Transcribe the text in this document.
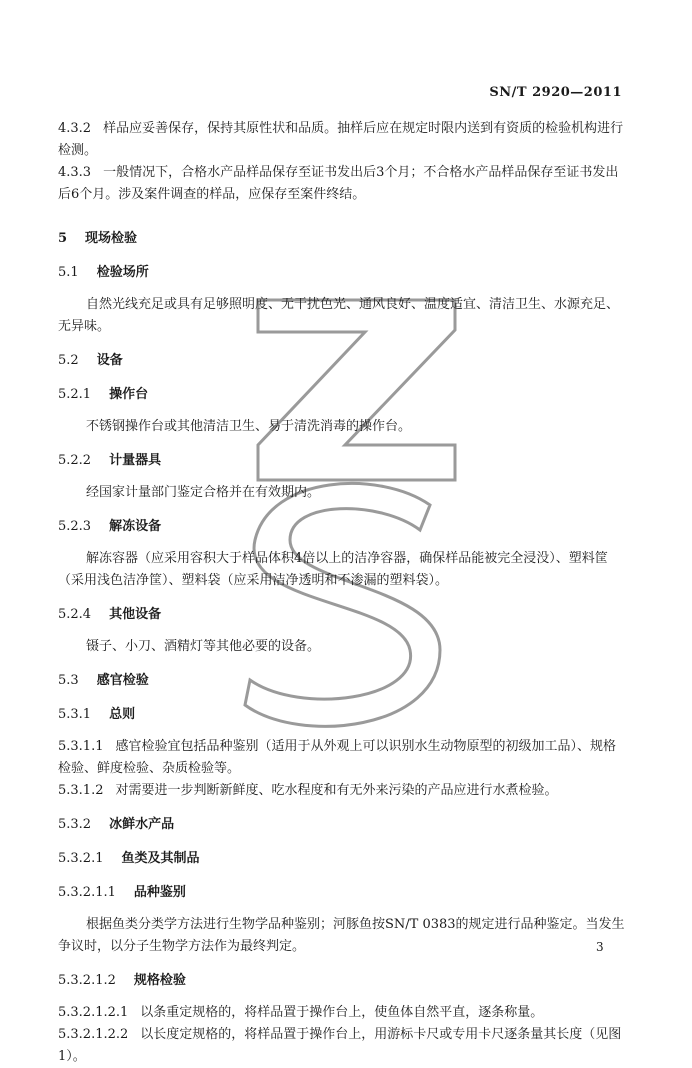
SN/T 2920—2011

4.3.2 样品应妥善保存，保持其原性状和品质。抽样后应在规定时限内送到有资质的检验机构进行检测。

4.3.3 一般情况下，合格水产品样品保存至证书发出后3个月；不合格水产品样品保存至证书发出后6个月。涉及案件调查的样品，应保存至案件终结。

5 现场检验

5.1 检验场所

自然光线充足或具有足够照明度、无干扰色光、通风良好、温度适宜、清洁卫生、水源充足、无异味。

5.2 设备

5.2.1 操作台

不锈钢操作台或其他清洁卫生、易于清洗消毒的操作台。

5.2.2 计量器具

经国家计量部门鉴定合格并在有效期内。

5.2.3 解冻设备

解冻容器（应采用容积大于样品体积4倍以上的洁净容器，确保样品能被完全浸没）、塑料筐（采用浅色洁净筐）、塑料袋（应采用洁净透明和不渗漏的塑料袋）。

5.2.4 其他设备

镊子、小刀、酒精灯等其他必要的设备。

5.3 感官检验

5.3.1 总则

5.3.1.1 感官检验宜包括品种鉴别（适用于从外观上可以识别水生动物原型的初级加工品）、规格检验、鲜度检验、杂质检验等。

5.3.1.2 对需要进一步判断新鲜度、吃水程度和有无外来污染的产品应进行水煮检验。

5.3.2 冰鲜水产品

5.3.2.1 鱼类及其制品

5.3.2.1.1 品种鉴别

根据鱼类分类学方法进行生物学品种鉴别；河豚鱼按SN/T 0383的规定进行品种鉴定。当发生争议时，以分子生物学方法作为最终判定。

5.3.2.1.2 规格检验

5.3.2.1.2.1 以条重定规格的，将样品置于操作台上，使鱼体自然平直，逐条称量。

5.3.2.1.2.2 以长度定规格的，将样品置于操作台上，用游标卡尺或专用卡尺逐条量其长度（见图1）。

3
